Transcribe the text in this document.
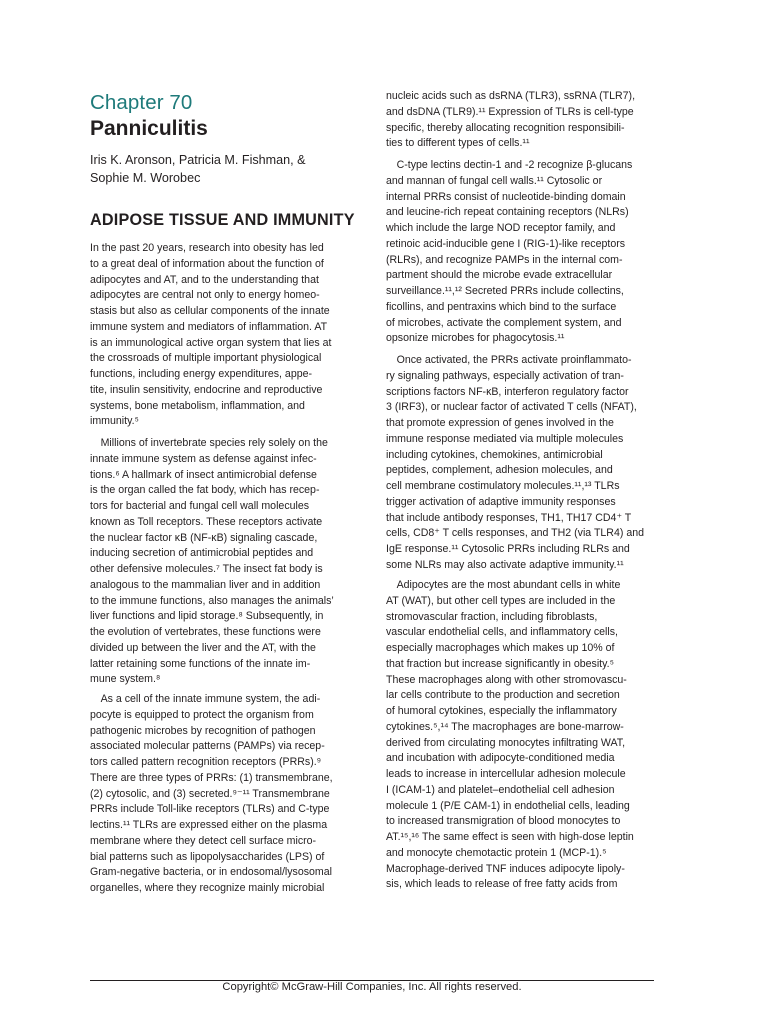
Chapter 70
Panniculitis

Iris K. Aronson, Patricia M. Fishman, &
Sophie M. Worobec

ADIPOSE TISSUE AND IMMUNITY

In the past 20 years, research into obesity has led
to a great deal of information about the function of
adipocytes and AT, and to the understanding that
adipocytes are central not only to energy homeo-
stasis but also as cellular components of the innate
immune system and mediators of inflammation. AT
is an immunological active organ system that lies at
the crossroads of multiple important physiological
functions, including energy expenditures, appe-
tite, insulin sensitivity, endocrine and reproductive
systems, bone metabolism, inflammation, and
immunity.⁵

 Millions of invertebrate species rely solely on the
innate immune system as defense against infec-
tions.⁶ A hallmark of insect antimicrobial defense
is the organ called the fat body, which has recep-
tors for bacterial and fungal cell wall molecules
known as Toll receptors. These receptors activate
the nuclear factor κB (NF-κB) signaling cascade,
inducing secretion of antimicrobial peptides and
other defensive molecules.⁷ The insect fat body is
analogous to the mammalian liver and in addition
to the immune functions, also manages the animals’
liver functions and lipid storage.⁸ Subsequently, in
the evolution of vertebrates, these functions were
divided up between the liver and the AT, with the
latter retaining some functions of the innate im-
mune system.⁸

 As a cell of the innate immune system, the adi-
pocyte is equipped to protect the organism from
pathogenic microbes by recognition of pathogen
associated molecular patterns (PAMPs) via recep-
tors called pattern recognition receptors (PRRs).⁹
There are three types of PRRs: (1) transmembrane,
(2) cytosolic, and (3) secreted.⁹⁻¹¹ Transmembrane
PRRs include Toll-like receptors (TLRs) and C-type
lectins.¹¹ TLRs are expressed either on the plasma
membrane where they detect cell surface micro-
bial patterns such as lipopolysaccharides (LPS) of
Gram-negative bacteria, or in endosomal/lysosomal
organelles, where they recognize mainly microbial

nucleic acids such as dsRNA (TLR3), ssRNA (TLR7),
and dsDNA (TLR9).¹¹ Expression of TLRs is cell-type
specific, thereby allocating recognition responsibili-
ties to different types of cells.¹¹

 C-type lectins dectin-1 and -2 recognize β-glucans
and mannan of fungal cell walls.¹¹ Cytosolic or
internal PRRs consist of nucleotide-binding domain
and leucine-rich repeat containing receptors (NLRs)
which include the large NOD receptor family, and
retinoic acid-inducible gene I (RIG-1)-like receptors
(RLRs), and recognize PAMPs in the internal com-
partment should the microbe evade extracellular
surveillance.¹¹,¹² Secreted PRRs include collectins,
ficollins, and pentraxins which bind to the surface
of microbes, activate the complement system, and
opsonize microbes for phagocytosis.¹¹

 Once activated, the PRRs activate proinflammato-
ry signaling pathways, especially activation of tran-
scriptions factors NF-κB, interferon regulatory factor
3 (IRF3), or nuclear factor of activated T cells (NFAT),
that promote expression of genes involved in the
immune response mediated via multiple molecules
including cytokines, chemokines, antimicrobial
peptides, complement, adhesion molecules, and
cell membrane costimulatory molecules.¹¹,¹³ TLRs
trigger activation of adaptive immunity responses
that include antibody responses, TH1, TH17 CD4⁺ T
cells, CD8⁺ T cells responses, and TH2 (via TLR4) and
IgE response.¹¹ Cytosolic PRRs including RLRs and
some NLRs may also activate adaptive immunity.¹¹

 Adipocytes are the most abundant cells in white
AT (WAT), but other cell types are included in the
stromovascular fraction, including fibroblasts,
vascular endothelial cells, and inflammatory cells,
especially macrophages which makes up 10% of
that fraction but increase significantly in obesity.⁵
These macrophages along with other stromovascu-
lar cells contribute to the production and secretion
of humoral cytokines, especially the inflammatory
cytokines.⁵,¹⁴ The macrophages are bone-marrow-
derived from circulating monocytes infiltrating WAT,
and incubation with adipocyte-conditioned media
leads to increase in intercellular adhesion molecule
I (ICAM-1) and platelet–endothelial cell adhesion
molecule 1 (P/E CAM-1) in endothelial cells, leading
to increased transmigration of blood monocytes to
AT.¹⁵,¹⁶ The same effect is seen with high-dose leptin
and monocyte chemotactic protein 1 (MCP-1).⁵
Macrophage-derived TNF induces adipocyte lipoly-
sis, which leads to release of free fatty acids from

Copyright© McGraw-Hill Companies, Inc. All rights reserved.
